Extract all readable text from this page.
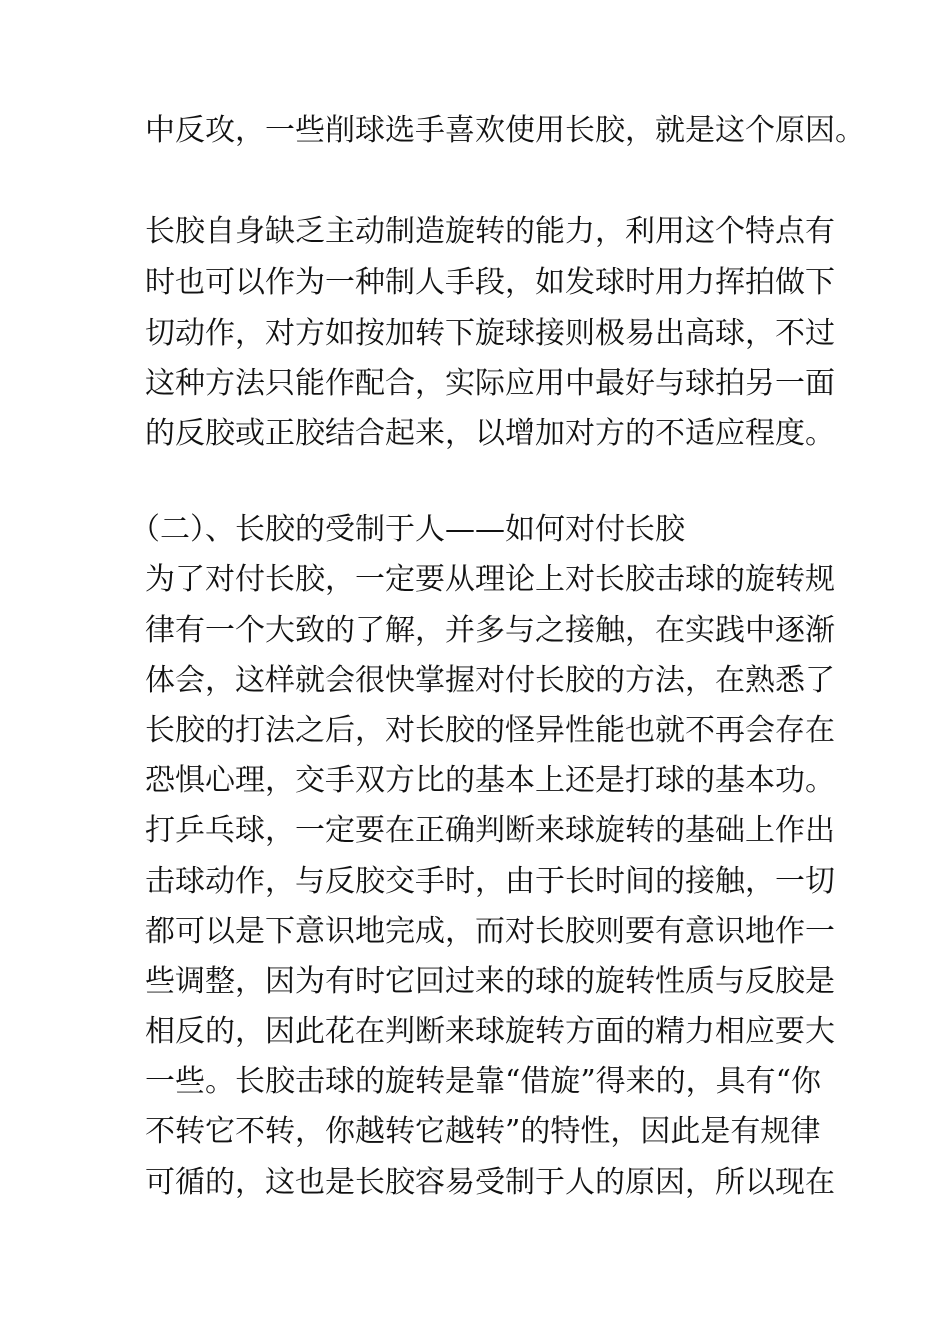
中反攻，一些削球选手喜欢使用长胶，就是这个原因。
长胶自身缺乏主动制造旋转的能力，利用这个特点有
时也可以作为一种制人手段，如发球时用力挥拍做下
切动作，对方如按加转下旋球接则极易出高球，不过
这种方法只能作配合，实际应用中最好与球拍另一面
的反胶或正胶结合起来，以增加对方的不适应程度。
（二）、长胶的受制于人——如何对付长胶
为了对付长胶，一定要从理论上对长胶击球的旋转规
律有一个大致的了解，并多与之接触，在实践中逐渐
体会，这样就会很快掌握对付长胶的方法，在熟悉了
长胶的打法之后，对长胶的怪异性能也就不再会存在
恐惧心理，交手双方比的基本上还是打球的基本功。
打乒乓球，一定要在正确判断来球旋转的基础上作出
击球动作，与反胶交手时，由于长时间的接触，一切
都可以是下意识地完成，而对长胶则要有意识地作一
些调整，因为有时它回过来的球的旋转性质与反胶是
相反的，因此花在判断来球旋转方面的精力相应要大
一些。长胶击球的旋转是靠“借旋”得来的，具有“你
不转它不转，你越转它越转”的特性，因此是有规律
可循的，这也是长胶容易受制于人的原因，所以现在
